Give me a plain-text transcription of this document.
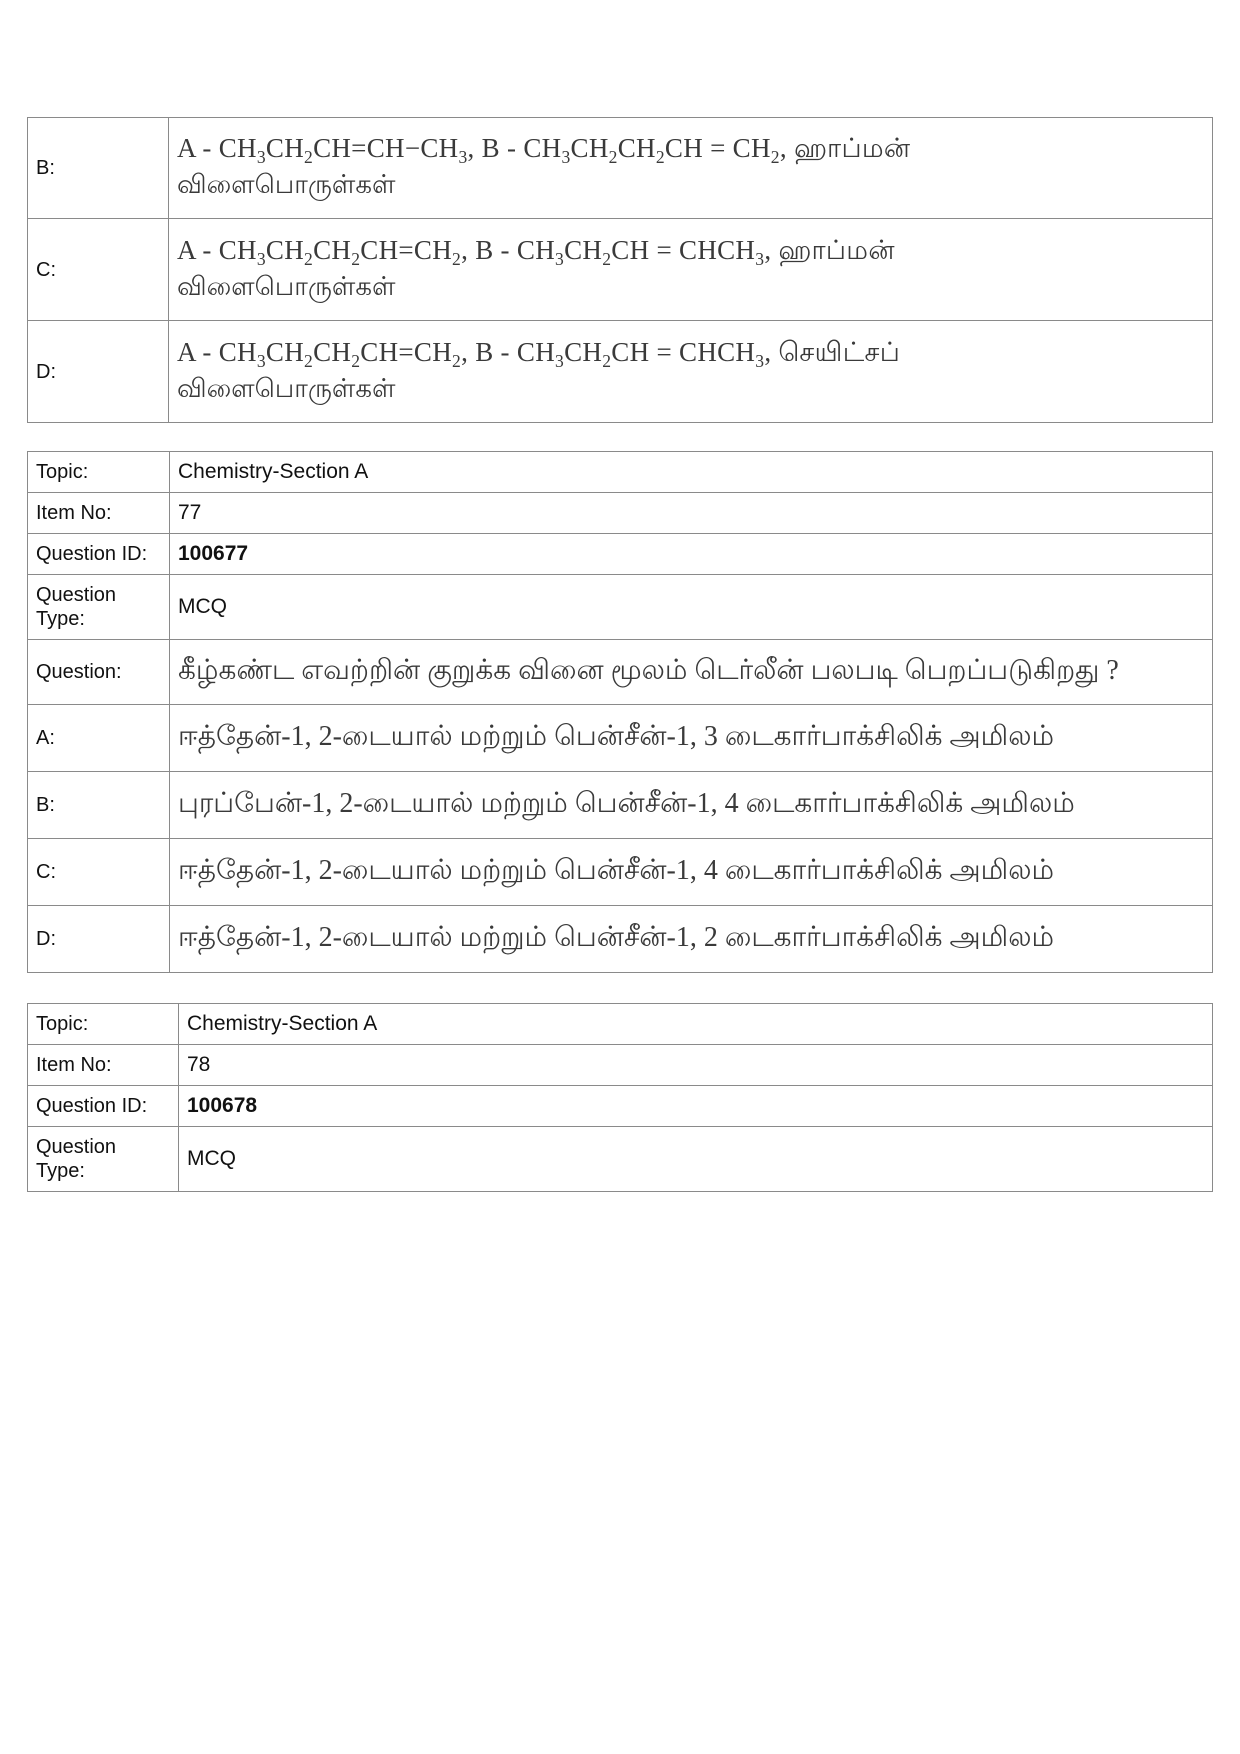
B:	$A - CH_3CH_2CH=CH-CH_3$, $B - CH_3CH_2CH_2CH = CH_2$, ஹாப்மன்
விளைபொருள்கள்

C:	$A - CH_3CH_2CH_2CH=CH_2$, B - $CH_3CH_2CH$ = $CHCH_3$, ஹாப்மன்
விளைபொருள்கள்

D:	$A - CH_3CH_2CH_2CH=CH_2$, B - $CH_3CH_2CH$ = $CHCH_3$, செயிட்சப்
விளைபொருள்கள்
Topic:	Chemistry-Section A
Item No:	77
Question ID:	100677
Question Type:	MCQ
Question:	கீழ்கண்ட எவற்றின் குறுக்க வினை மூலம் டெர்லீன் பலபடி பெறப்படுகிறது ?
A:	ஈத்தேன்-1, 2-டையால் மற்றும் பென்சீன்-1, 3 டைகார்பாக்சிலிக் அமிலம்
B:	புரப்பேன்-1, 2-டையால் மற்றும் பென்சீன்-1, 4 டைகார்பாக்சிலிக் அமிலம்
C:	ஈத்தேன்-1, 2-டையால் மற்றும் பென்சீன்-1, 4 டைகார்பாக்சிலிக் அமிலம்
D:	ஈத்தேன்-1, 2-டையால் மற்றும் பென்சீன்-1, 2 டைகார்பாக்சிலிக் அமிலம்
Topic:	Chemistry-Section A
Item No:	78
Question ID:	100678
Question Type:	MCQ
